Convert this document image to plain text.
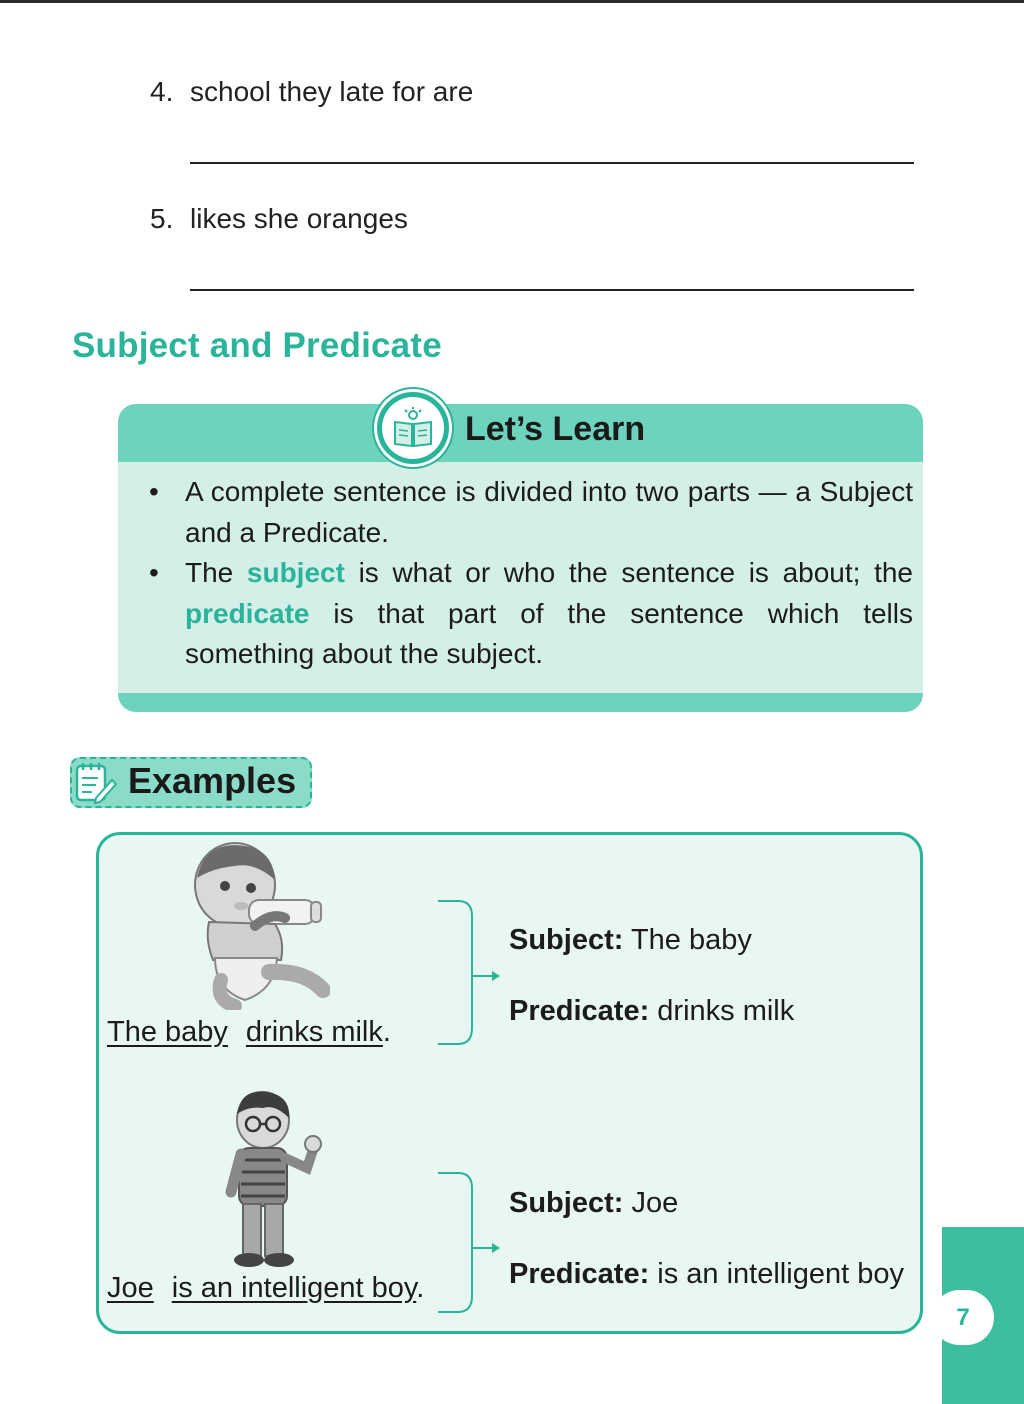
4. school they late for are
5. likes she oranges
Subject and Predicate
Let’s Learn
• A complete sentence is divided into two parts — a Subject and a Predicate.
• The subject is what or who the sentence is about; the predicate is that part of the sentence which tells something about the subject.
Examples
The baby drinks milk.
Subject: The baby
Predicate: drinks milk
Joe is an intelligent boy.
Subject: Joe
Predicate: is an intelligent boy
7
